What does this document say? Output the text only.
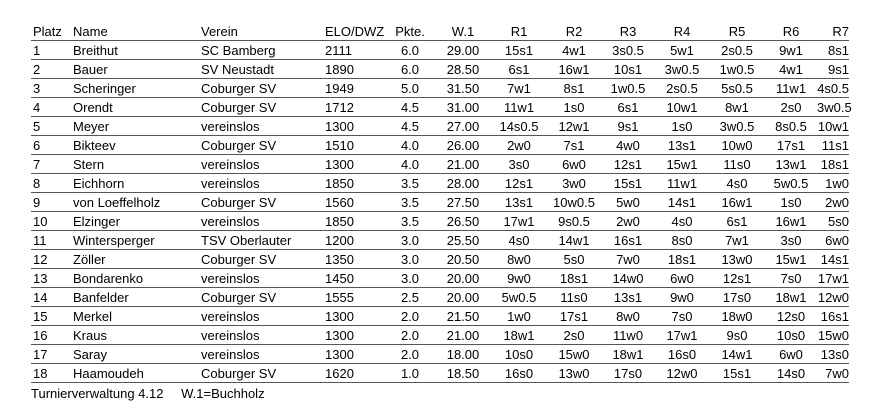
Platz	Name	Verein	ELO/DWZ	Pkte.	W.1	R1	R2	R3	R4	R5	R6	R7
1	Breithut	SC Bamberg	2111	6.0	29.00	15s1	4w1	3s0.5	5w1	2s0.5	9w1	8s1
2	Bauer	SV Neustadt	1890	6.0	28.50	6s1	16w1	10s1	3w0.5	1w0.5	4w1	9s1
3	Scheringer	Coburger SV	1949	5.0	31.50	7w1	8s1	1w0.5	2s0.5	5s0.5	11w1	4s0.5
4	Orendt	Coburger SV	1712	4.5	31.00	11w1	1s0	6s1	10w1	8w1	2s0	3w0.5
5	Meyer	vereinslos	1300	4.5	27.00	14s0.5	12w1	9s1	1s0	3w0.5	8s0.5	10w1
6	Bikteev	Coburger SV	1510	4.0	26.00	2w0	7s1	4w0	13s1	10w0	17s1	11s1
7	Stern	vereinslos	1300	4.0	21.00	3s0	6w0	12s1	15w1	11s0	13w1	18s1
8	Eichhorn	vereinslos	1850	3.5	28.00	12s1	3w0	15s1	11w1	4s0	5w0.5	1w0
9	von Loeffelholz	Coburger SV	1560	3.5	27.50	13s1	10w0.5	5w0	14s1	16w1	1s0	2w0
10	Elzinger	vereinslos	1850	3.5	26.50	17w1	9s0.5	2w0	4s0	6s1	16w1	5s0
11	Wintersperger	TSV Oberlauter	1200	3.0	25.50	4s0	14w1	16s1	8s0	7w1	3s0	6w0
12	Zöller	Coburger SV	1350	3.0	20.50	8w0	5s0	7w0	18s1	13w0	15w1	14s1
13	Bondarenko	vereinslos	1450	3.0	20.00	9w0	18s1	14w0	6w0	12s1	7s0	17w1
14	Banfelder	Coburger SV	1555	2.5	20.00	5w0.5	11s0	13s1	9w0	17s0	18w1	12w0
15	Merkel	vereinslos	1300	2.0	21.50	1w0	17s1	8w0	7s0	18w0	12s0	16s1
16	Kraus	vereinslos	1300	2.0	21.00	18w1	2s0	11w0	17w1	9s0	10s0	15w0
17	Saray	vereinslos	1300	2.0	18.00	10s0	15w0	18w1	16s0	14w1	6w0	13s0
18	Haamoudeh	Coburger SV	1620	1.0	18.50	16s0	13w0	17s0	12w0	15s1	14s0	7w0
Turnierverwaltung 4.12 W.1=Buchholz
